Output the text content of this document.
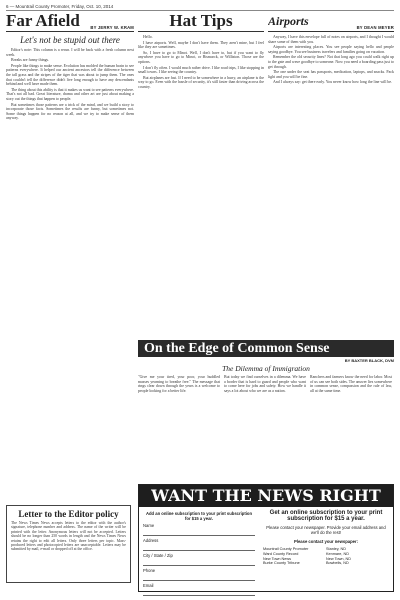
6 — Mountrail County Promoter, Friday, Oct. 10, 2014
Far Afield	BY JERRY W. KRAM
Let's not be stupid out there

Editor's note: This column is a rerun. I will be back with a fresh column next week.

Breaks are funny things.

People like things to make sense. Evolution has molded the human brain to see patterns everywhere. It helped our ancient ancestors tell the difference between the tall grass and the stripes of the tiger that was about to jump them. The ones that couldn't tell the difference didn't live long enough to have any descendants behind and well have made them.

The thing about this ability is that it makes us want to see patterns everywhere. That's not all bad. Great literature, drama and other art are just about making a story out the things that happen to people.

But sometimes those patterns are a trick of the mind, and we build a story to incorporate those facts. Sometimes the results are funny, but sometimes not. Some things happen for no reason at all, and we try to make sense of them anyway.

Hat Tips

Hello.

I have airports. Well, maybe I don't have them. They aren't mine, but I feel like they are sometimes.

So, I have to go to Minot. Well, I don't have to, but if you want to fly anywhere you have to go to Minot, or Bismarck, or Williston. Those are the options.

I don't fly often. I would much rather drive. I like road trips, I like stopping in small towns. I like seeing the country.

But airplanes are fast. If I need to be somewhere in a hurry, an airplane is the way to go. Even with the hassle of security, it's still faster than driving across the country.

Airports	BY DEAN MEYER

Anyway, I have this envelope full of notes on airports, and I thought I would share some of them with you.

Airports are interesting places. You see people saying hello and people saying goodbye. You see business travelers and families going on vacation.

Remember the old security lines? Not that long ago you could walk right up to the gate and wave goodbye to someone. Now you need a boarding pass just to get through.

The one under the seat has passports, medication, laptops, and snacks. Pack light and you will be fine.

And I always say: get there early. You never know how long the line will be.

Letter to the Editor policy
The News Times News accepts letters to the editor with the author's signature, telephone number and address. The name of the writer will be printed with the letter. Anonymous letters will not be accepted. Letters should be no longer than 250 words in length and the News Times News retains the right to edit all letters. Only three letters per topic. Mass-produced letters and photocopied letters are unacceptable. Letters may be submitted by mail, e-mail or dropped off at the office.
On the Edge of Common Sense
BY BAXTER BLACK, DVM
The Dilemma of Immigration
"Give me your tired, your poor, your huddled masses yearning to breathe free." The message that rings clear down through the years is a welcome to people looking for a better life.
But today we find ourselves in a dilemma. We have a border that is hard to guard and people who want to come here for jobs and safety. How we handle it says a lot about who we are as a nation.
Ranchers and farmers know the need for labor. Most of us can see both sides. The answer lies somewhere in common sense, compassion and the rule of law, all at the same time.
WANT THE NEWS RIGHT AWAY?
Add an online subscription to your print subscription for $15 a year.
Name
Address
City / State / Zip
Phone
Email
Get an online subscription to your print subscription for $15 a year.
Please contact your newspaper. Provide your email address and we'll do the rest!
Please contact your newspaper:
Mountrail County Promoter	Stanley, ND
Ward County Record	Kenmare, ND
New Town News	New Town, ND
Burke County Tribune	Bowbells, ND
